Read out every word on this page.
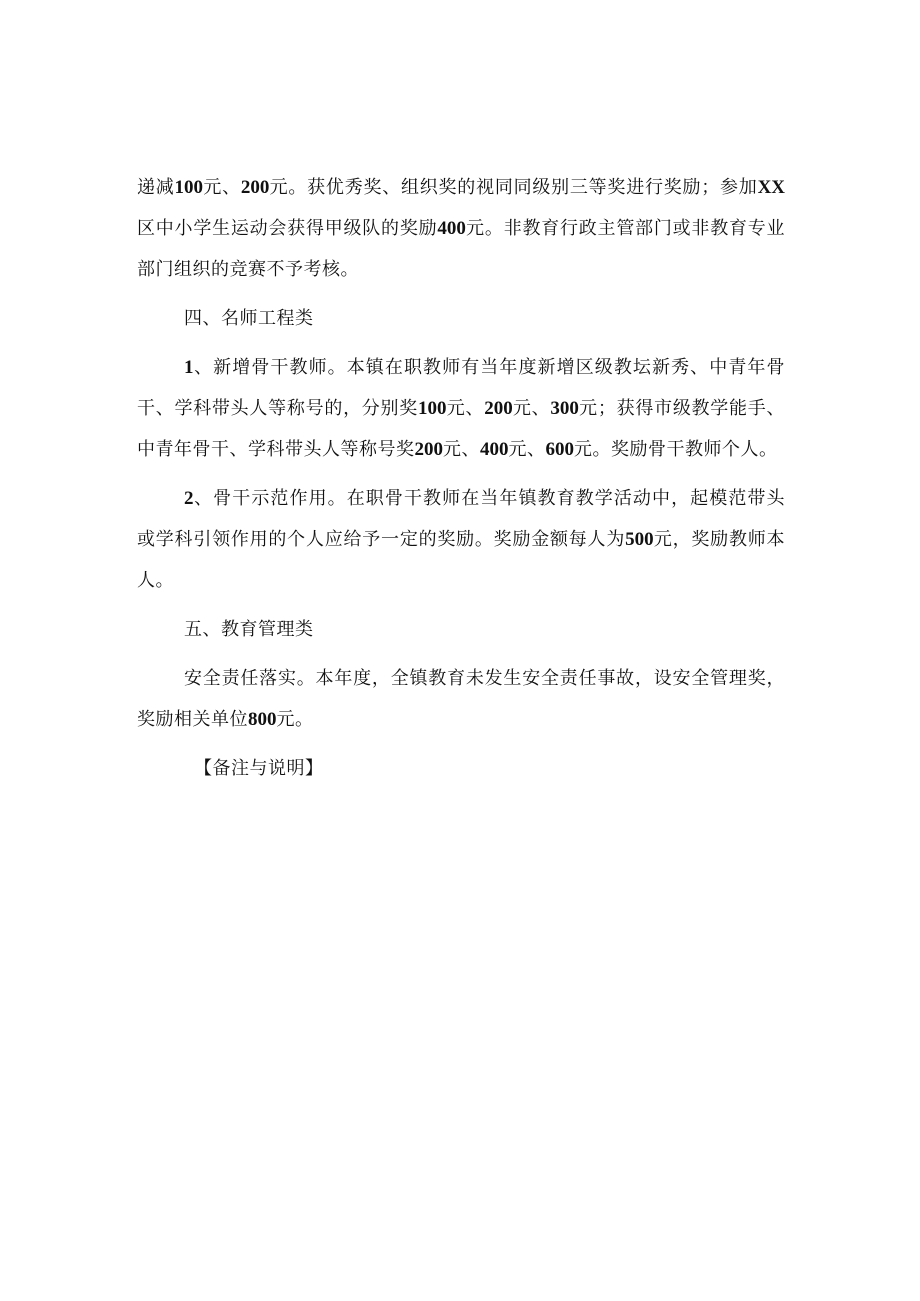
递减100元、200元。获优秀奖、组织奖的视同同级别三等奖进行奖励；参加XX区中小学生运动会获得甲级队的奖励400元。非教育行政主管部门或非教育专业部门组织的竞赛不予考核。

四、名师工程类

1、新增骨干教师。本镇在职教师有当年度新增区级教坛新秀、中青年骨干、学科带头人等称号的，分别奖100元、200元、300元；获得市级教学能手、中青年骨干、学科带头人等称号奖200元、400元、600元。奖励骨干教师个人。

2、骨干示范作用。在职骨干教师在当年镇教育教学活动中，起模范带头或学科引领作用的个人应给予一定的奖励。奖励金额每人为500元，奖励教师本人。

五、教育管理类

安全责任落实。本年度，全镇教育未发生安全责任事故，设安全管理奖，奖励相关单位800元。

【备注与说明】
